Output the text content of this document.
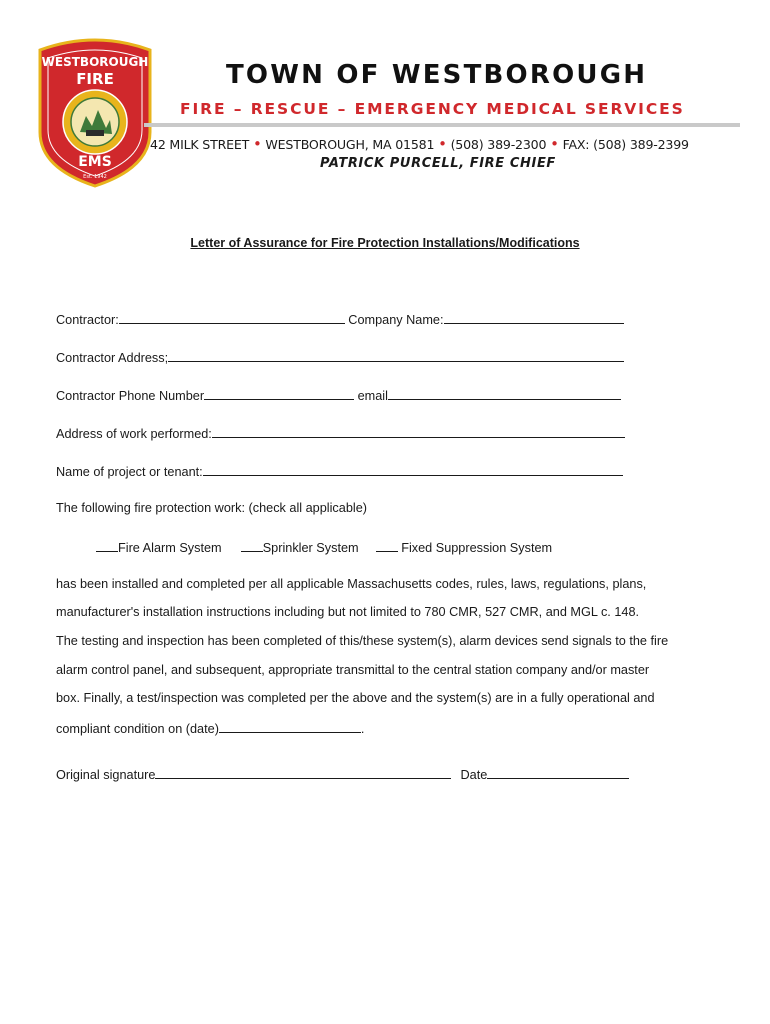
WESTBOROUGH
FIRE
EMS
Est. 1942
TOWN OF WESTBOROUGH
FIRE – RESCUE – EMERGENCY MEDICAL SERVICES
42 MILK STREET • WESTBOROUGH, MA 01581 • (508) 389-2300 • FAX: (508) 389-2399
PATRICK PURCELL, FIRE CHIEF
Letter of Assurance for Fire Protection Installations/Modifications
Contractor:	Company Name:
Contractor Address;
Contractor Phone Number	email
Address of work performed:
Name of project or tenant:
The following fire protection work: (check all applicable)
Fire Alarm System	Sprinkler System	Fixed Suppression System
has been installed and completed per all applicable Massachusetts codes, rules, laws, regulations, plans,
manufacturer's installation instructions including but not limited to 780 CMR, 527 CMR, and MGL c. 148.
The testing and inspection has been completed of this/these system(s), alarm devices send signals to the fire
alarm control panel, and subsequent, appropriate transmittal to the central station company and/or master
box. Finally, a test/inspection was completed per the above and the system(s) are in a fully operational and
compliant condition on (date)	.
Original signature	Date
